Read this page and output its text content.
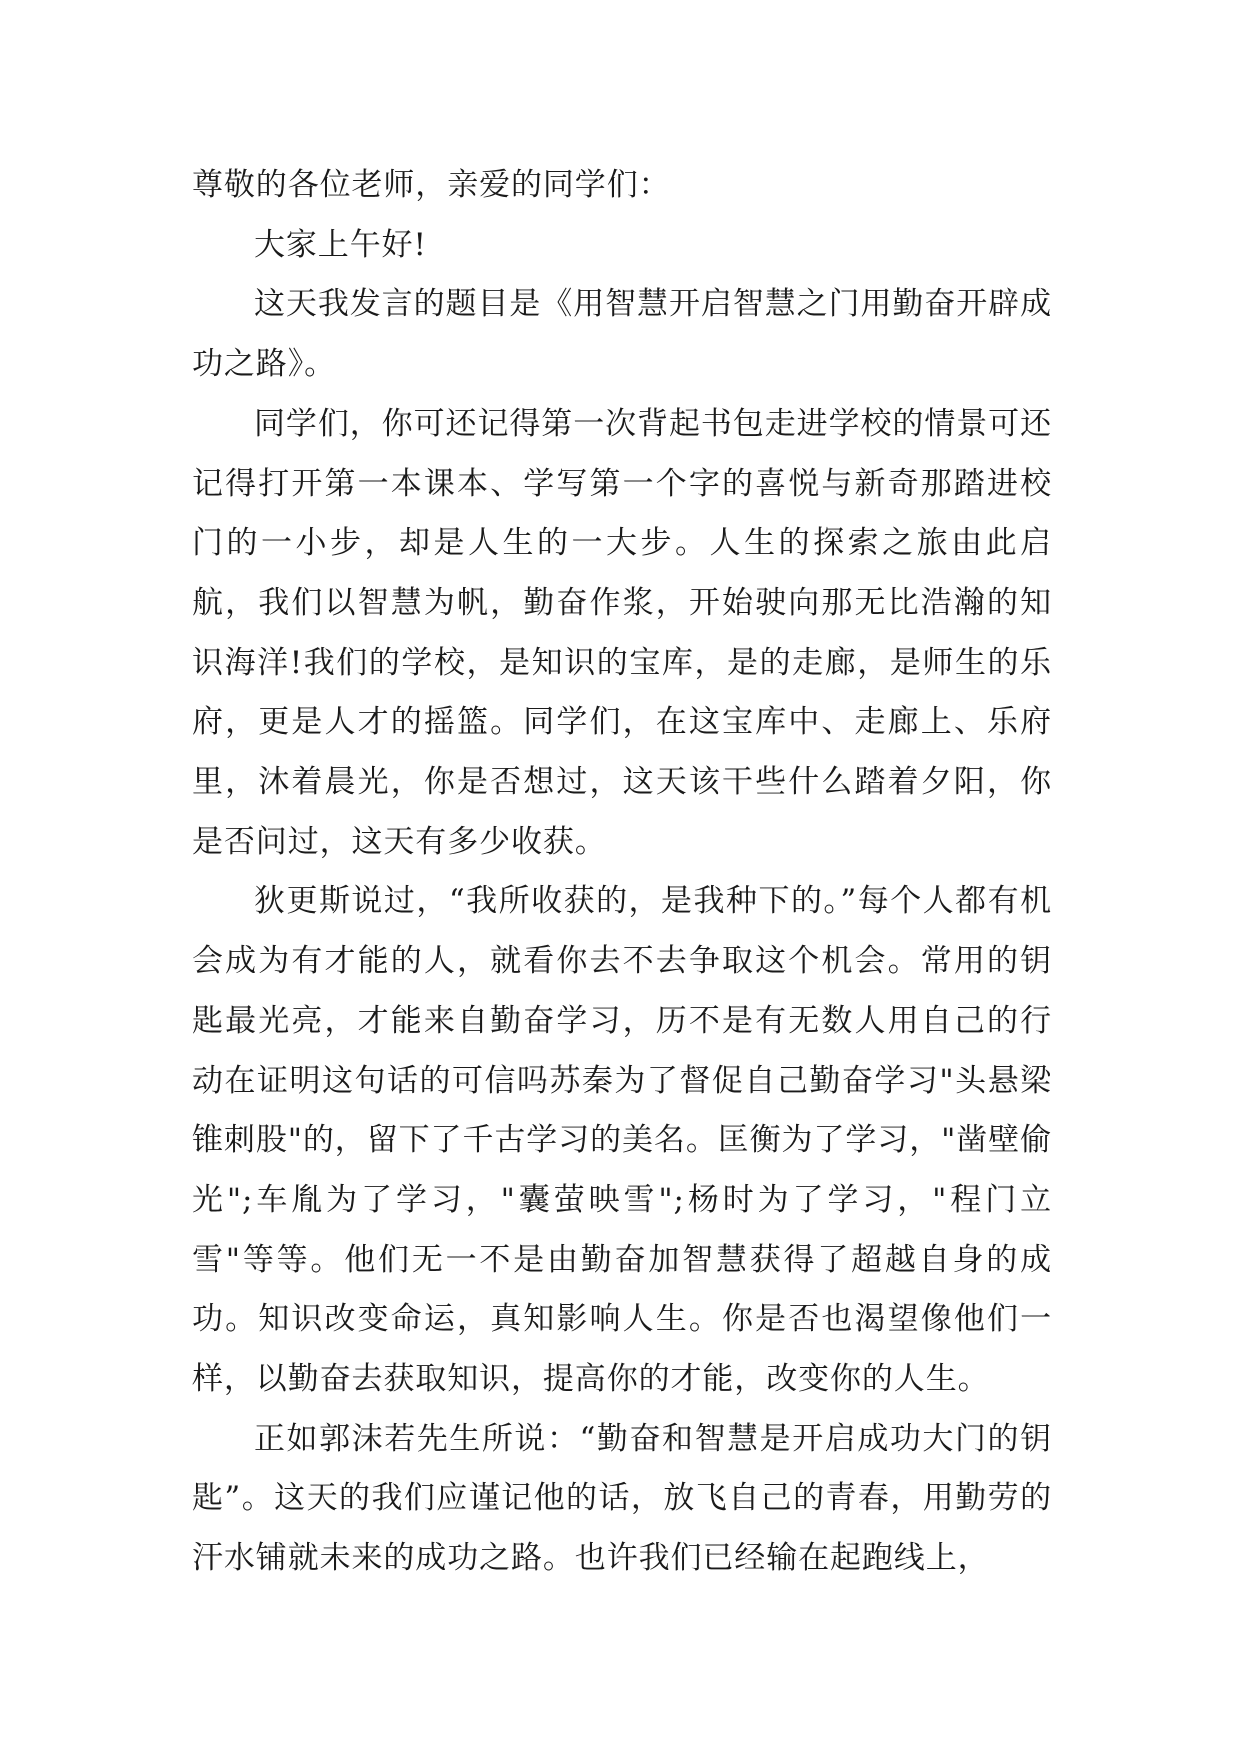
尊敬的各位老师，亲爱的同学们：

大家上午好!

这天我发言的题目是《用智慧开启智慧之门用勤奋开辟成功之路》。

同学们，你可还记得第一次背起书包走进学校的情景可还记得打开第一本课本、学写第一个字的喜悦与新奇那踏进校门的一小步，却是人生的一大步。人生的探索之旅由此启航，我们以智慧为帆，勤奋作浆，开始驶向那无比浩瀚的知识海洋!我们的学校，是知识的宝库，是的走廊，是师生的乐府，更是人才的摇篮。同学们，在这宝库中、走廊上、乐府里，沐着晨光，你是否想过，这天该干些什么踏着夕阳，你是否问过，这天有多少收获。

狄更斯说过，“我所收获的，是我种下的。”每个人都有机会成为有才能的人，就看你去不去争取这个机会。常用的钥匙最光亮，才能来自勤奋学习，历不是有无数人用自己的行动在证明这句话的可信吗苏秦为了督促自己勤奋学习"头悬梁锥刺股"的，留下了千古学习的美名。匡衡为了学习，"凿壁偷光";车胤为了学习，"囊萤映雪";杨时为了学习，"程门立雪"等等。他们无一不是由勤奋加智慧获得了超越自身的成功。知识改变命运，真知影响人生。你是否也渴望像他们一样，以勤奋去获取知识，提高你的才能，改变你的人生。

正如郭沫若先生所说：“勤奋和智慧是开启成功大门的钥匙”。这天的我们应谨记他的话，放飞自己的青春，用勤劳的汗水铺就未来的成功之路。也许我们已经输在起跑线上，
